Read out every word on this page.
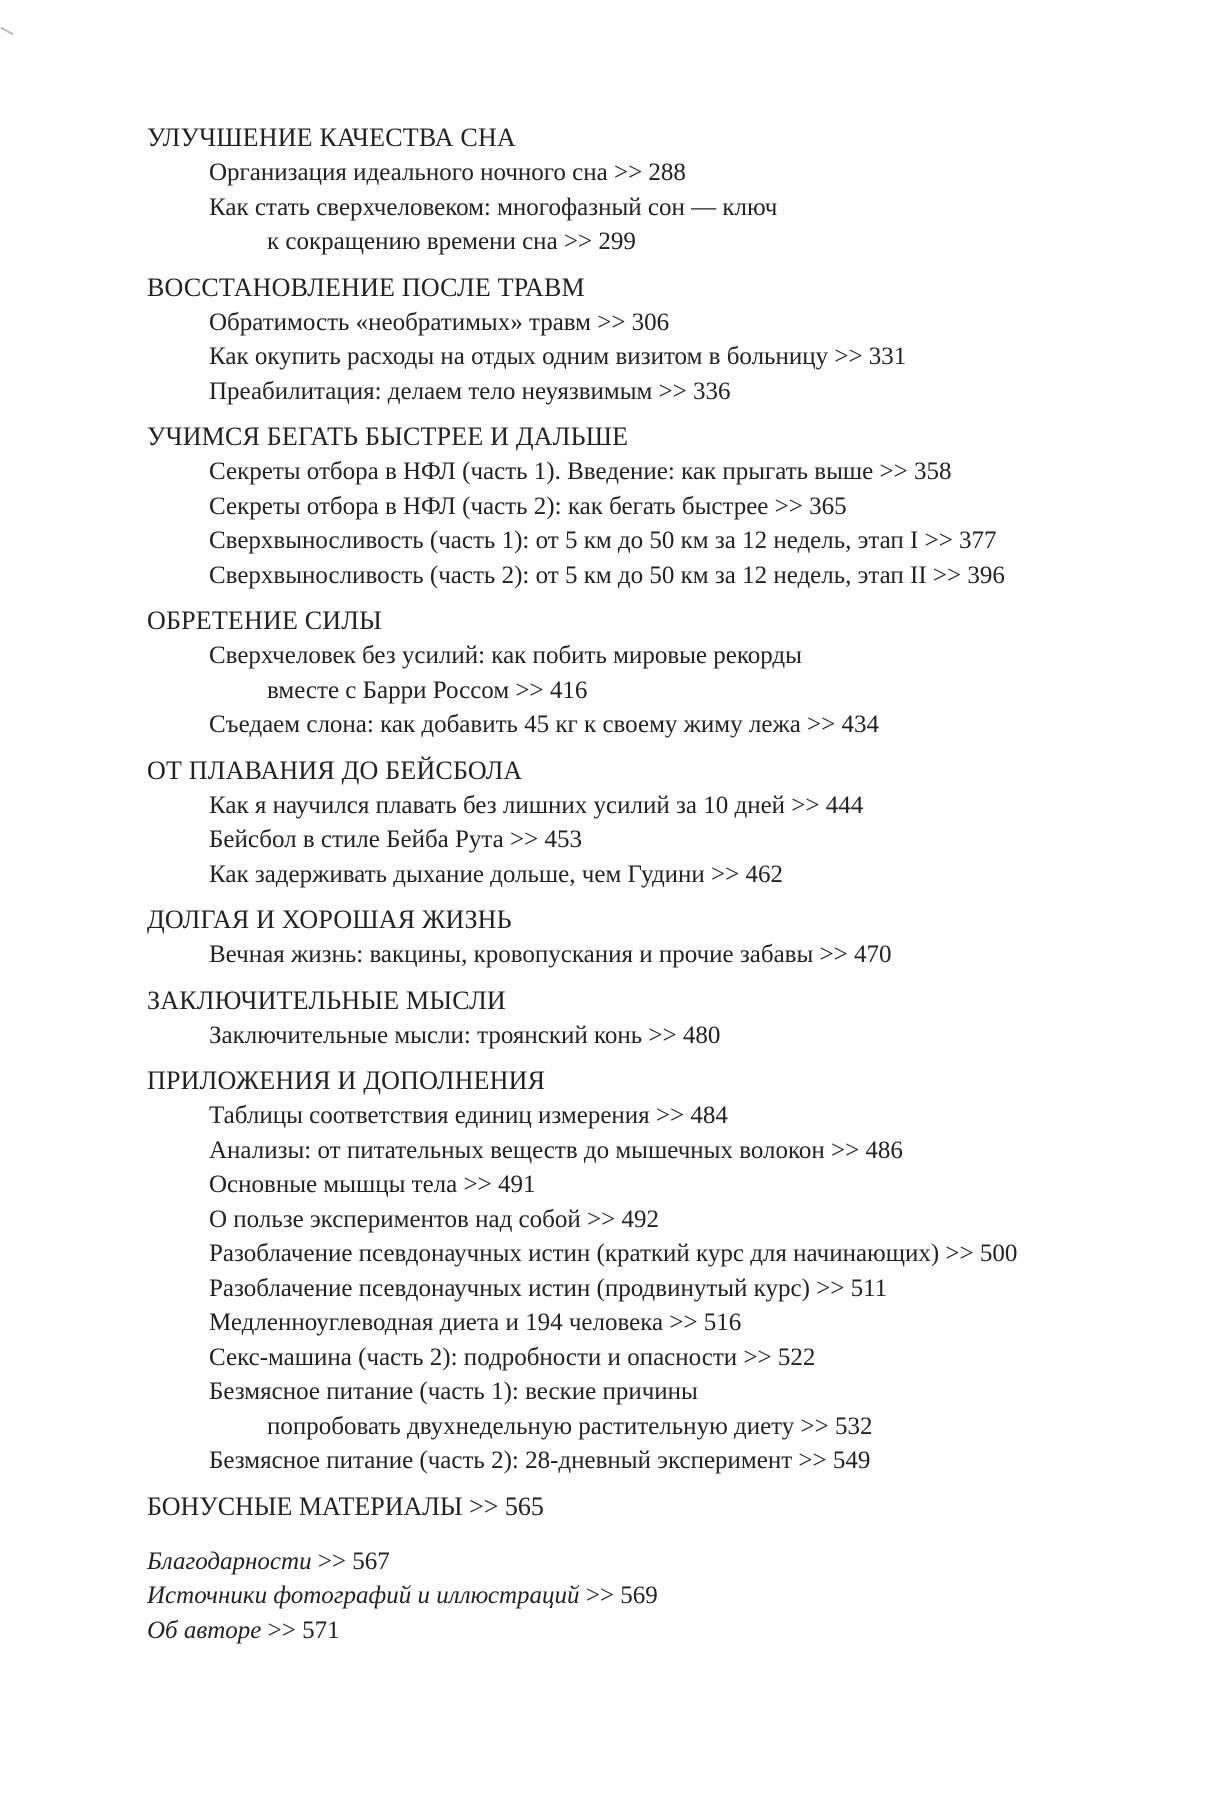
УЛУЧШЕНИЕ КАЧЕСТВА СНА
Организация идеального ночного сна >> 288
Как стать сверхчеловеком: многофазный сон — ключ
к сокращению времени сна >> 299
ВОССТАНОВЛЕНИЕ ПОСЛЕ ТРАВМ
Обратимость «необратимых» травм >> 306
Как окупить расходы на отдых одним визитом в больницу >> 331
Преабилитация: делаем тело неуязвимым >> 336
УЧИМСЯ БЕГАТЬ БЫСТРЕЕ И ДАЛЬШЕ
Секреты отбора в НФЛ (часть 1). Введение: как прыгать выше >> 358
Секреты отбора в НФЛ (часть 2): как бегать быстрее >> 365
Сверхвыносливость (часть 1): от 5 км до 50 км за 12 недель, этап I >> 377
Сверхвыносливость (часть 2): от 5 км до 50 км за 12 недель, этап II >> 396
ОБРЕТЕНИЕ СИЛЫ
Сверхчеловек без усилий: как побить мировые рекорды
вместе с Барри Россом >> 416
Съедаем слона: как добавить 45 кг к своему жиму лежа >> 434
ОТ ПЛАВАНИЯ ДО БЕЙСБОЛА
Как я научился плавать без лишних усилий за 10 дней >> 444
Бейсбол в стиле Бейба Рута >> 453
Как задерживать дыхание дольше, чем Гудини >> 462
ДОЛГАЯ И ХОРОШАЯ ЖИЗНЬ
Вечная жизнь: вакцины, кровопускания и прочие забавы >> 470
ЗАКЛЮЧИТЕЛЬНЫЕ МЫСЛИ
Заключительные мысли: троянский конь >> 480
ПРИЛОЖЕНИЯ И ДОПОЛНЕНИЯ
Таблицы соответствия единиц измерения >> 484
Анализы: от питательных веществ до мышечных волокон >> 486
Основные мышцы тела >> 491
О пользе экспериментов над собой >> 492
Разоблачение псевдонаучных истин (краткий курс для начинающих) >> 500
Разоблачение псевдонаучных истин (продвинутый курс) >> 511
Медленноуглеводная диета и 194 человека >> 516
Секс-машина (часть 2): подробности и опасности >> 522
Безмясное питание (часть 1): веские причины
попробовать двухнедельную растительную диету >> 532
Безмясное питание (часть 2): 28-дневный эксперимент >> 549
БОНУСНЫЕ МАТЕРИАЛЫ >> 565
Благодарности >> 567
Источники фотографий и иллюстраций >> 569
Об авторе >> 571
